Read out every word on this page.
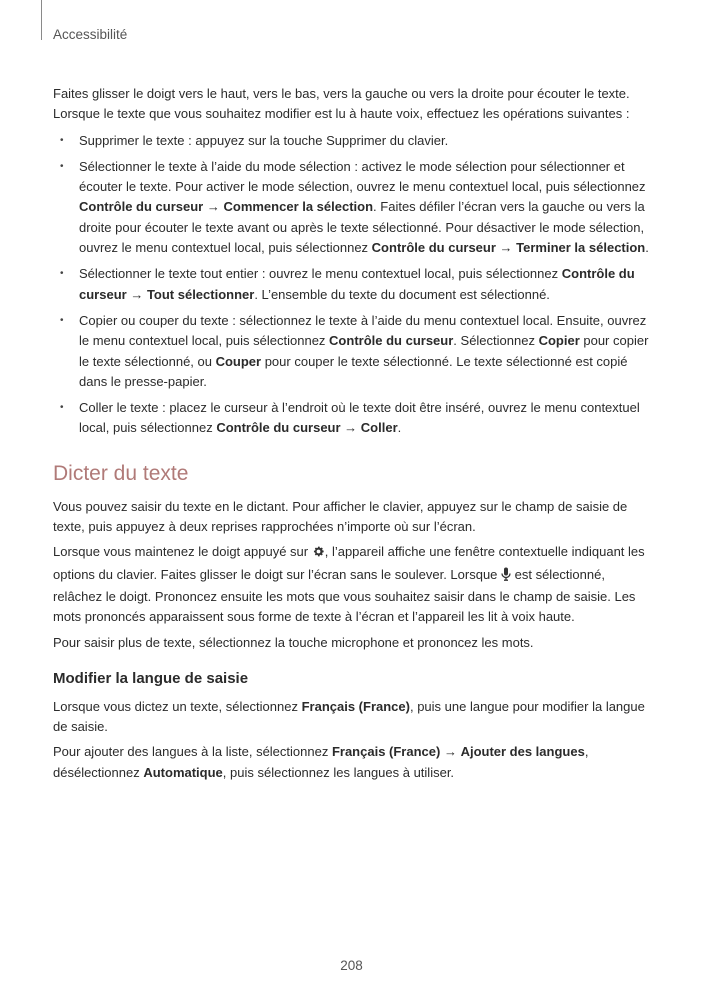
Accessibilité

Faites glisser le doigt vers le haut, vers le bas, vers la gauche ou vers la droite pour écouter le texte. Lorsque le texte que vous souhaitez modifier est lu à haute voix, effectuez les opérations suivantes :

• Supprimer le texte : appuyez sur la touche Supprimer du clavier.
• Sélectionner le texte à l’aide du mode sélection : activez le mode sélection pour sélectionner et écouter le texte. Pour activer le mode sélection, ouvrez le menu contextuel local, puis sélectionnez Contrôle du curseur → Commencer la sélection. Faites défiler l’écran vers la gauche ou vers la droite pour écouter le texte avant ou après le texte sélectionné. Pour désactiver le mode sélection, ouvrez le menu contextuel local, puis sélectionnez Contrôle du curseur → Terminer la sélection.
• Sélectionner le texte tout entier : ouvrez le menu contextuel local, puis sélectionnez Contrôle du curseur → Tout sélectionner. L’ensemble du texte du document est sélectionné.
• Copier ou couper du texte : sélectionnez le texte à l’aide du menu contextuel local. Ensuite, ouvrez le menu contextuel local, puis sélectionnez Contrôle du curseur. Sélectionnez Copier pour copier le texte sélectionné, ou Couper pour couper le texte sélectionné. Le texte sélectionné est copié dans le presse-papier.
• Coller le texte : placez le curseur à l’endroit où le texte doit être inséré, ouvrez le menu contextuel local, puis sélectionnez Contrôle du curseur → Coller.
Dicter du texte

Vous pouvez saisir du texte en le dictant. Pour afficher le clavier, appuyez sur le champ de saisie de texte, puis appuyez à deux reprises rapprochées n’importe où sur l’écran.

Lorsque vous maintenez le doigt appuyé sur , l’appareil affiche une fenêtre contextuelle indiquant les options du clavier. Faites glisser le doigt sur l’écran sans le soulever. Lorsque  est sélectionné, relâchez le doigt. Prononcez ensuite les mots que vous souhaitez saisir dans le champ de saisie. Les mots prononcés apparaissent sous forme de texte à l’écran et l’appareil les lit à voix haute.

Pour saisir plus de texte, sélectionnez la touche microphone et prononcez les mots.

Modifier la langue de saisie

Lorsque vous dictez un texte, sélectionnez Français (France), puis une langue pour modifier la langue de saisie.

Pour ajouter des langues à la liste, sélectionnez Français (France) → Ajouter des langues, désélectionnez Automatique, puis sélectionnez les langues à utiliser.

208
